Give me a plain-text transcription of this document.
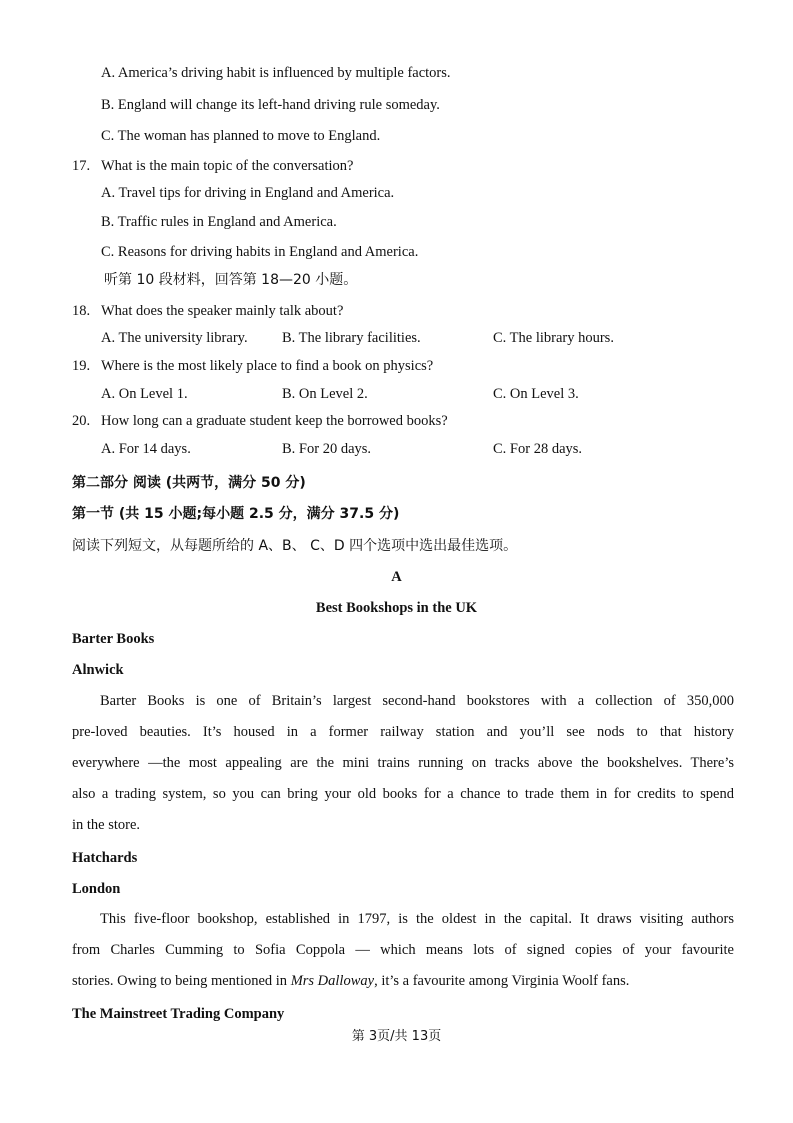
A. America’s driving habit is influenced by multiple factors.
B. England will change its left-hand driving rule someday.
C. The woman has planned to move to England.
17. What is the main topic of the conversation?
A. Travel tips for driving in England and America.
B. Traffic rules in England and America.
C. Reasons for driving habits in England and America.
听第 10 段材料，回答第 18—20 小题。
18. What does the speaker mainly talk about?
A. The university library. B. The library facilities.	C. The library hours.
19. Where is the most likely place to find a book on physics?
A. On Level 1.	B. On Level 2.	C. On Level 3.
20. How long can a graduate student keep the borrowed books?
A. For 14 days.	B. For 20 days.	C. For 28 days.
第二部分 阅读 (共两节，满分 50 分)
第一节 (共 15 小题;每小题 2.5 分，满分 37.5 分)
阅读下列短文，从每题所给的 A、B、 C、D 四个选项中选出最佳选项。
A
Best Bookshops in the UK
Barter Books
Alnwick
Barter Books is one of Britain’s largest second-hand bookstores with a collection of 350,000
pre-loved beauties. It’s housed in a former railway station and you’ll see nods to that history
everywhere —the most appealing are the mini trains running on tracks above the bookshelves. There’s
also a trading system, so you can bring your old books for a chance to trade them in for credits to spend
in the store.
Hatchards
London
This five-floor bookshop, established in 1797, is the oldest in the capital. It draws visiting authors
from Charles Cumming to Sofia Coppola — which means lots of signed copies of your favourite
stories. Owing to being mentioned in Mrs Dalloway, it’s a favourite among Virginia Woolf fans.
The Mainstreet Trading Company
第 3页/共 13页
